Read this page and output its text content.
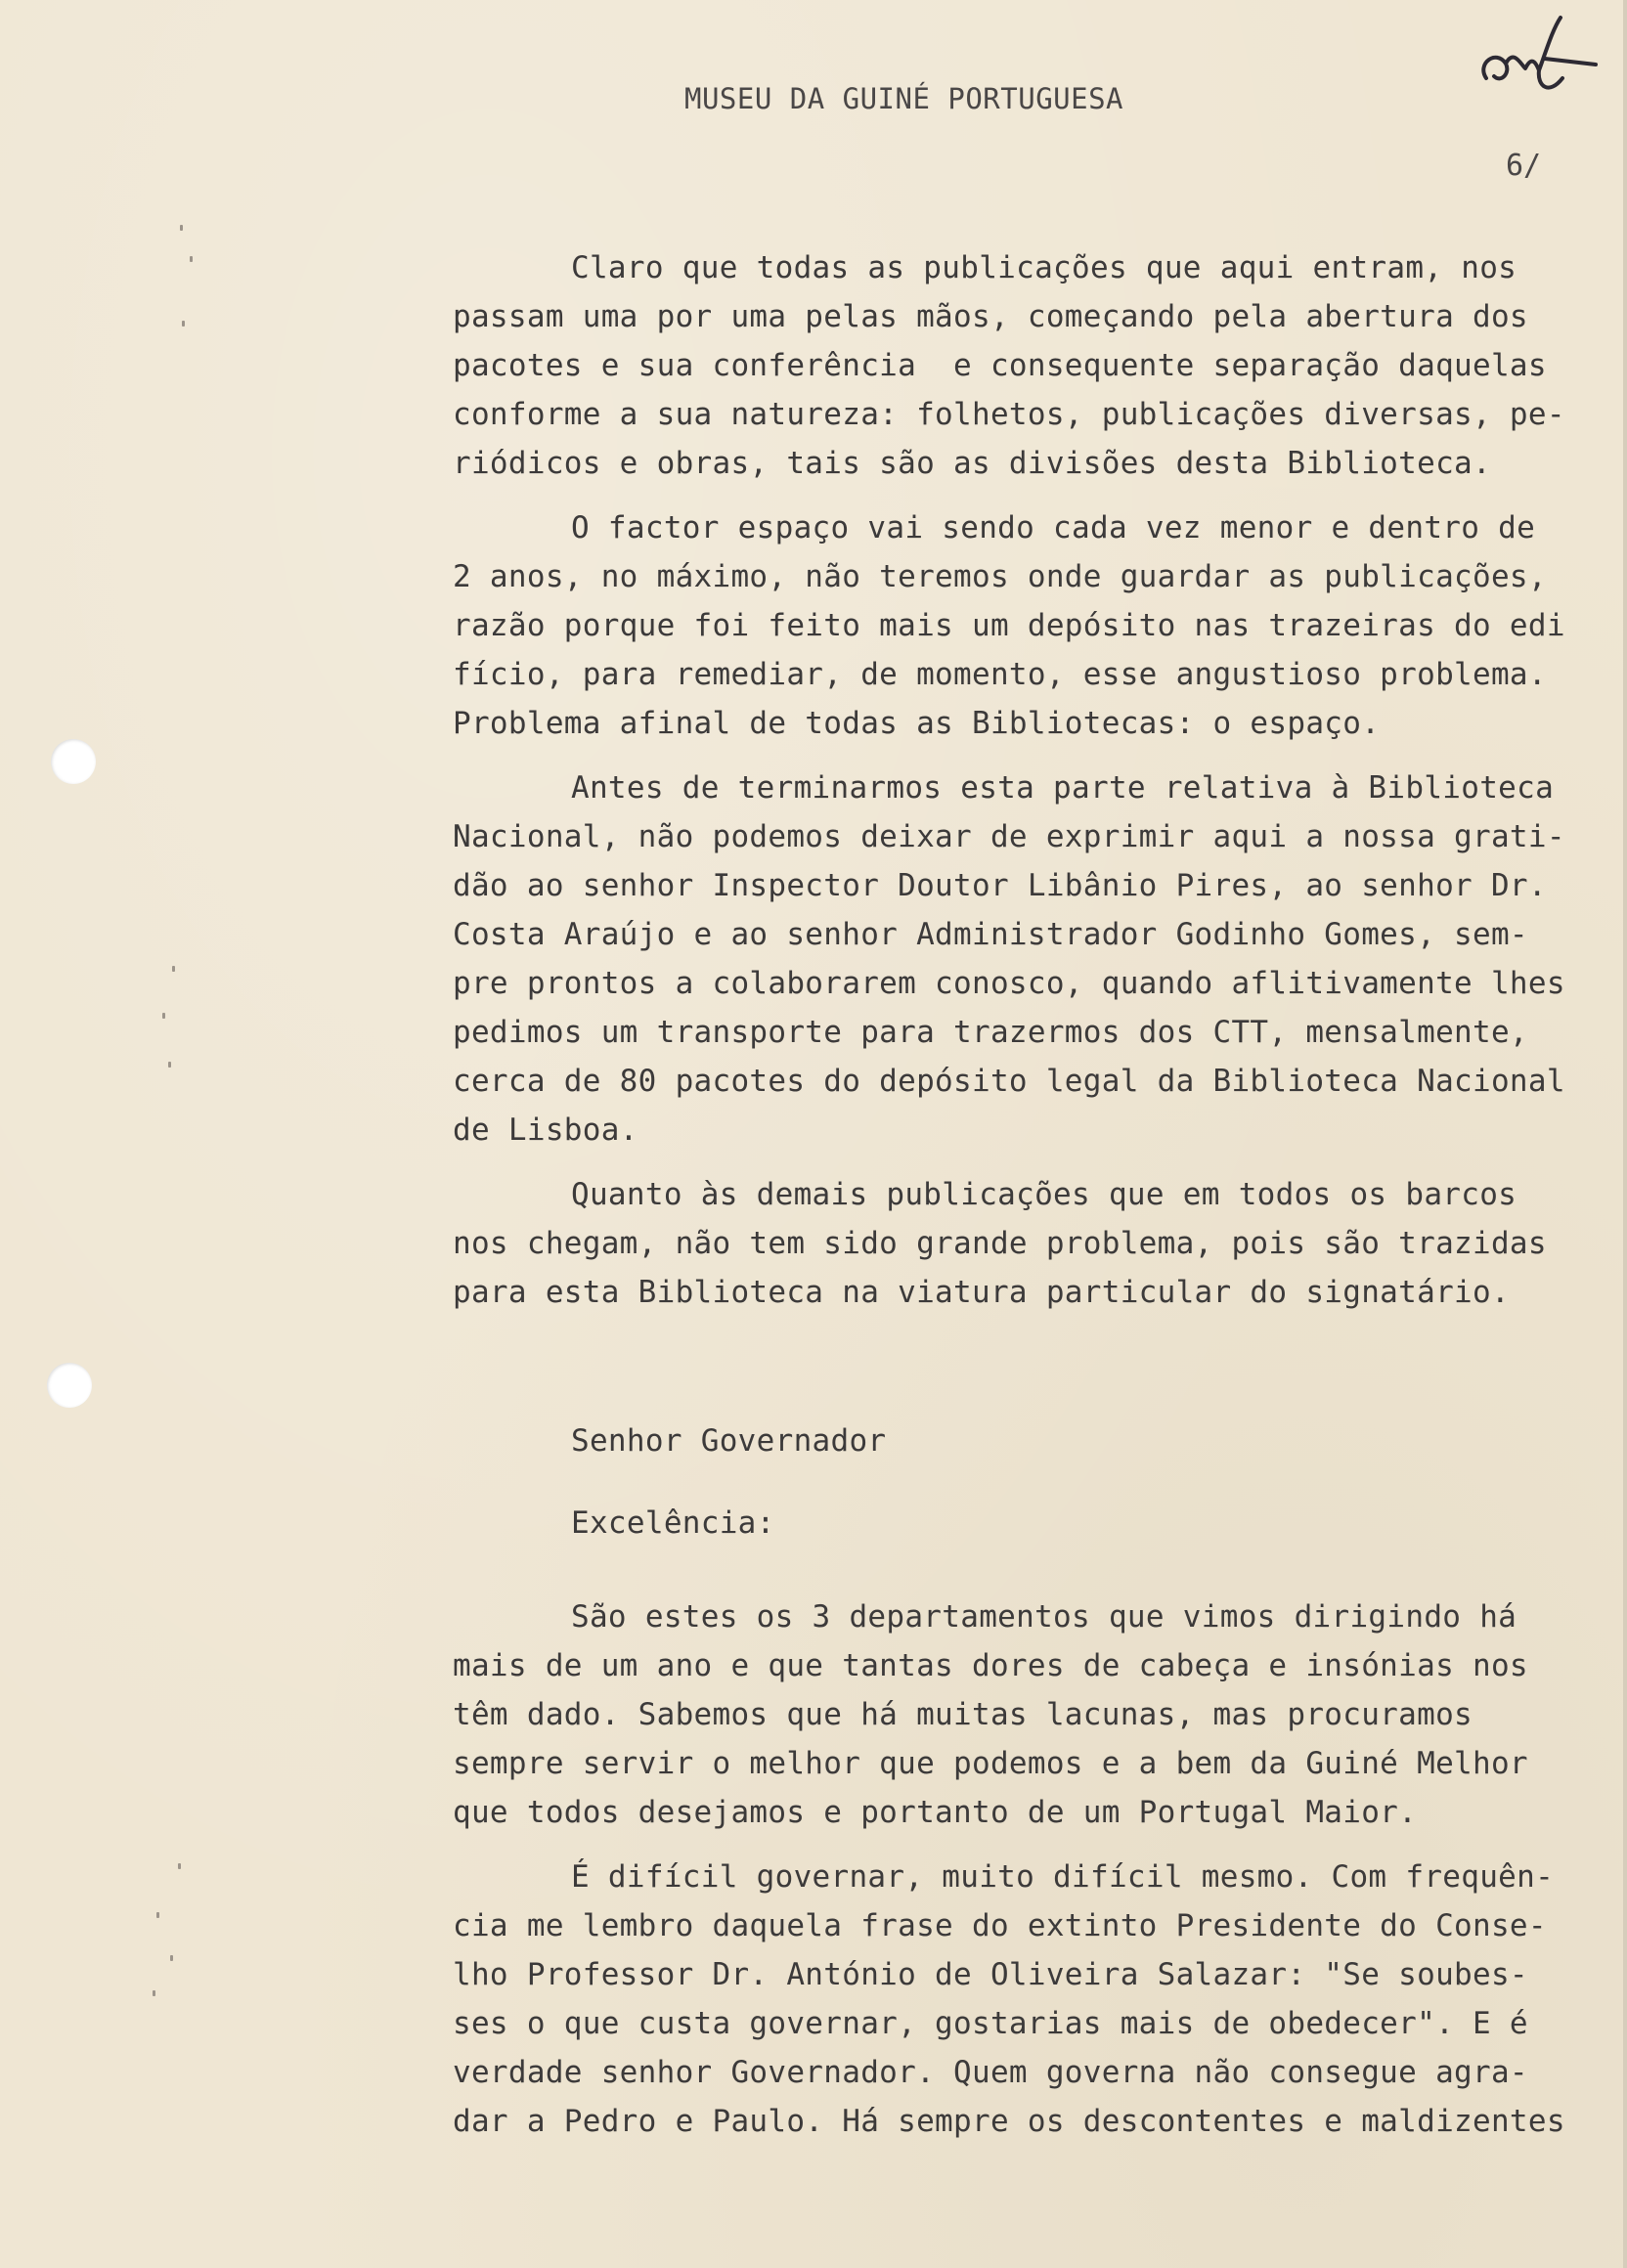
MUSEU DA GUINÉ PORTUGUESA
6/

Claro que todas as publicações que aqui entram, nos

passam uma por uma pelas mãos, começando pela abertura dos

pacotes e sua conferência  e consequente separação daquelas

conforme a sua natureza: folhetos, publicações diversas, pe-

riódicos e obras, tais são as divisões desta Biblioteca.

O factor espaço vai sendo cada vez menor e dentro de

2 anos, no máximo, não teremos onde guardar as publicações,

razão porque foi feito mais um depósito nas trazeiras do edi

fício, para remediar, de momento, esse angustioso problema.

Problema afinal de todas as Bibliotecas: o espaço.

Antes de terminarmos esta parte relativa à Biblioteca

Nacional, não podemos deixar de exprimir aqui a nossa grati-

dão ao senhor Inspector Doutor Libânio Pires, ao senhor Dr.

Costa Araújo e ao senhor Administrador Godinho Gomes, sem-

pre prontos a colaborarem conosco, quando aflitivamente lhes

pedimos um transporte para trazermos dos CTT, mensalmente,

cerca de 80 pacotes do depósito legal da Biblioteca Nacional

de Lisboa.

Quanto às demais publicações que em todos os barcos

nos chegam, não tem sido grande problema, pois são trazidas

para esta Biblioteca na viatura particular do signatário.

Senhor Governador

Excelência:

São estes os 3 departamentos que vimos dirigindo há

mais de um ano e que tantas dores de cabeça e insónias nos

têm dado. Sabemos que há muitas lacunas, mas procuramos

sempre servir o melhor que podemos e a bem da Guiné Melhor

que todos desejamos e portanto de um Portugal Maior.

É difícil governar, muito difícil mesmo. Com frequên-

cia me lembro daquela frase do extinto Presidente do Conse-

lho Professor Dr. António de Oliveira Salazar: "Se soubes-

ses o que custa governar, gostarias mais de obedecer". E é

verdade senhor Governador. Quem governa não consegue agra-

dar a Pedro e Paulo. Há sempre os descontentes e maldizentes
